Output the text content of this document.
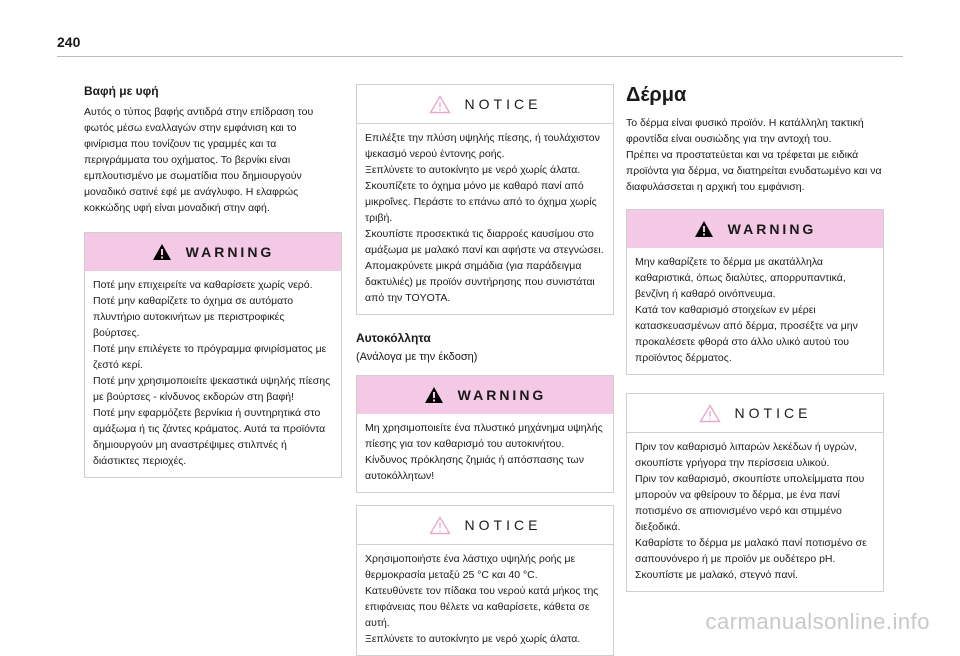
240

Βαφή με υφή

Αυτός ο τύπος βαφής αντιδρά στην επίδραση του φωτός μέσω εναλλαγών στην εμφάνιση και το φινίρισμα που τονίζουν τις γραμμές και τα περιγράμματα του οχήματος. Το βερνίκι είναι εμπλουτισμένο με σωματίδια που δημιουργούν μοναδικό σατινέ εφέ με ανάγλυφο. Η ελαφρώς κοκκώδης υφή είναι μοναδική στην αφή.

WARNING

Ποτέ μην επιχειρείτε να καθαρίσετε χωρίς νερό.
Ποτέ μην καθαρίζετε το όχημα σε αυτόματο πλυντήριο αυτοκινήτων με περιστροφικές βούρτσες.
Ποτέ μην επιλέγετε το πρόγραμμα φινιρίσματος με ζεστό κερί.
Ποτέ μην χρησιμοποιείτε ψεκαστικά υψηλής πίεσης με βούρτσες - κίνδυνος εκδορών στη βαφή!
Ποτέ μην εφαρμόζετε βερνίκια ή συντηρητικά στο αμάξωμα ή τις ζάντες κράματος. Αυτά τα προϊόντα δημιουργούν μη αναστρέψιμες στιλπνές ή διάστικτες περιοχές.

NOTICE

Επιλέξτε την πλύση υψηλής πίεσης, ή τουλάχιστον ψεκασμό νερού έντονης ροής.
Ξεπλύνετε το αυτοκίνητο με νερό χωρίς άλατα.
Σκουπίζετε το όχημα μόνο με καθαρό πανί από μικροΐνες. Περάστε το επάνω από το όχημα χωρίς τριβή.
Σκουπίστε προσεκτικά τις διαρροές καυσίμου στο αμάξωμα με μαλακό πανί και αφήστε να στεγνώσει.
Απομακρύνετε μικρά σημάδια (για παράδειγμα δακτυλιές) με προϊόν συντήρησης που συνιστάται από την TOYOTA.

Αυτοκόλλητα

(Ανάλογα με την έκδοση)

WARNING

Μη χρησιμοποιείτε ένα πλυστικό μηχάνημα υψηλής πίεσης για τον καθαρισμό του αυτοκινήτου. Κίνδυνος πρόκλησης ζημιάς ή απόσπασης των αυτοκόλλητων!

NOTICE

Χρησιμοποιήστε ένα λάστιχο υψηλής ροής με θερμοκρασία μεταξύ 25 °C και 40 °C.
Κατευθύνετε τον πίδακα του νερού κατά μήκος της επιφάνειας που θέλετε να καθαρίσετε, κάθετα σε αυτή.
Ξεπλύνετε το αυτοκίνητο με νερό χωρίς άλατα.

Δέρμα

Το δέρμα είναι φυσικό προϊόν. Η κατάλληλη τακτική φροντίδα είναι ουσιώδης για την αντοχή του.
Πρέπει να προστατεύεται και να τρέφεται με ειδικά προϊόντα για δέρμα, να διατηρείται ενυδατωμένο και να διαφυλάσσεται η αρχική του εμφάνιση.

WARNING

Μην καθαρίζετε το δέρμα με ακατάλληλα καθαριστικά, όπως διαλύτες, απορρυπαντικά, βενζίνη ή καθαρό οινόπνευμα.
Κατά τον καθαρισμό στοιχείων εν μέρει κατασκευασμένων από δέρμα, προσέξτε να μην προκαλέσετε φθορά στο άλλο υλικό αυτού του προϊόντος δέρματος.

NOTICE

Πριν τον καθαρισμό λιπαρών λεκέδων ή υγρών, σκουπίστε γρήγορα την περίσσεια υλικού.
Πριν τον καθαρισμό, σκουπίστε υπολείμματα που μπορούν να φθείρουν το δέρμα, με ένα πανί ποτισμένο σε απιονισμένο νερό και στιμμένο διεξοδικά.
Καθαρίστε το δέρμα με μαλακό πανί ποτισμένο σε σαπουνόνερο ή με προϊόν με ουδέτερο pH.
Σκουπίστε με μαλακό, στεγνό πανί.

carmanualsonline.info
